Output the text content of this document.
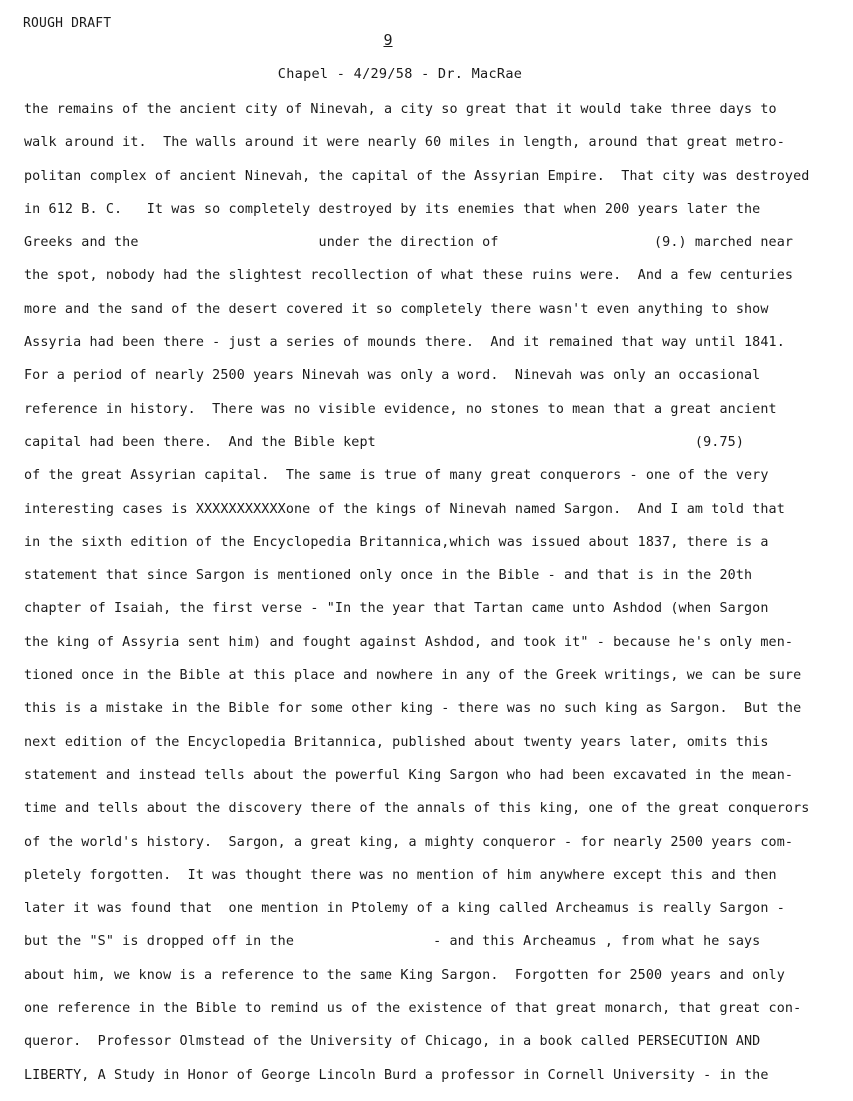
ROUGH DRAFT
9
Chapel - 4/29/58 - Dr. MacRae
the remains of the ancient city of Ninevah, a city so great that it would take three days to
walk around it.  The walls around it were nearly 60 miles in length, around that great metro-
politan complex of ancient Ninevah, the capital of the Assyrian Empire.  That city was destroyed
in 612 B. C.   It was so completely destroyed by its enemies that when 200 years later the
Greeks and the                      under the direction of                   (9.) marched near
the spot, nobody had the slightest recollection of what these ruins were.  And a few centuries
more and the sand of the desert covered it so completely there wasn't even anything to show
Assyria had been there - just a series of mounds there.  And it remained that way until 1841.
For a period of nearly 2500 years Ninevah was only a word.  Ninevah was only an occasional
reference in history.  There was no visible evidence, no stones to mean that a great ancient
capital had been there.  And the Bible kept                                       (9.75)
of the great Assyrian capital.  The same is true of many great conquerors - one of the very
interesting cases is XXXXXXXXXXXone of the kings of Ninevah named Sargon.  And I am told that
in the sixth edition of the Encyclopedia Britannica,which was issued about 1837, there is a
statement that since Sargon is mentioned only once in the Bible - and that is in the 20th
chapter of Isaiah, the first verse - "In the year that Tartan came unto Ashdod (when Sargon
the king of Assyria sent him) and fought against Ashdod, and took it" - because he's only men-
tioned once in the Bible at this place and nowhere in any of the Greek writings, we can be sure
this is a mistake in the Bible for some other king - there was no such king as Sargon.  But the
next edition of the Encyclopedia Britannica, published about twenty years later, omits this
statement and instead tells about the powerful King Sargon who had been excavated in the mean-
time and tells about the discovery there of the annals of this king, one of the great conquerors
of the world's history.  Sargon, a great king, a mighty conqueror - for nearly 2500 years com-
pletely forgotten.  It was thought there was no mention of him anywhere except this and then
later it was found that  one mention in Ptolemy of a king called Archeamus is really Sargon -
but the "S" is dropped off in the                 - and this Archeamus , from what he says
about him, we know is a reference to the same King Sargon.  Forgotten for 2500 years and only
one reference in the Bible to remind us of the existence of that great monarch, that great con-
queror.  Professor Olmstead of the University of Chicago, in a book called PERSECUTION AND
LIBERTY, A Study in Honor of George Lincoln Burd a professor in Cornell University - in the
